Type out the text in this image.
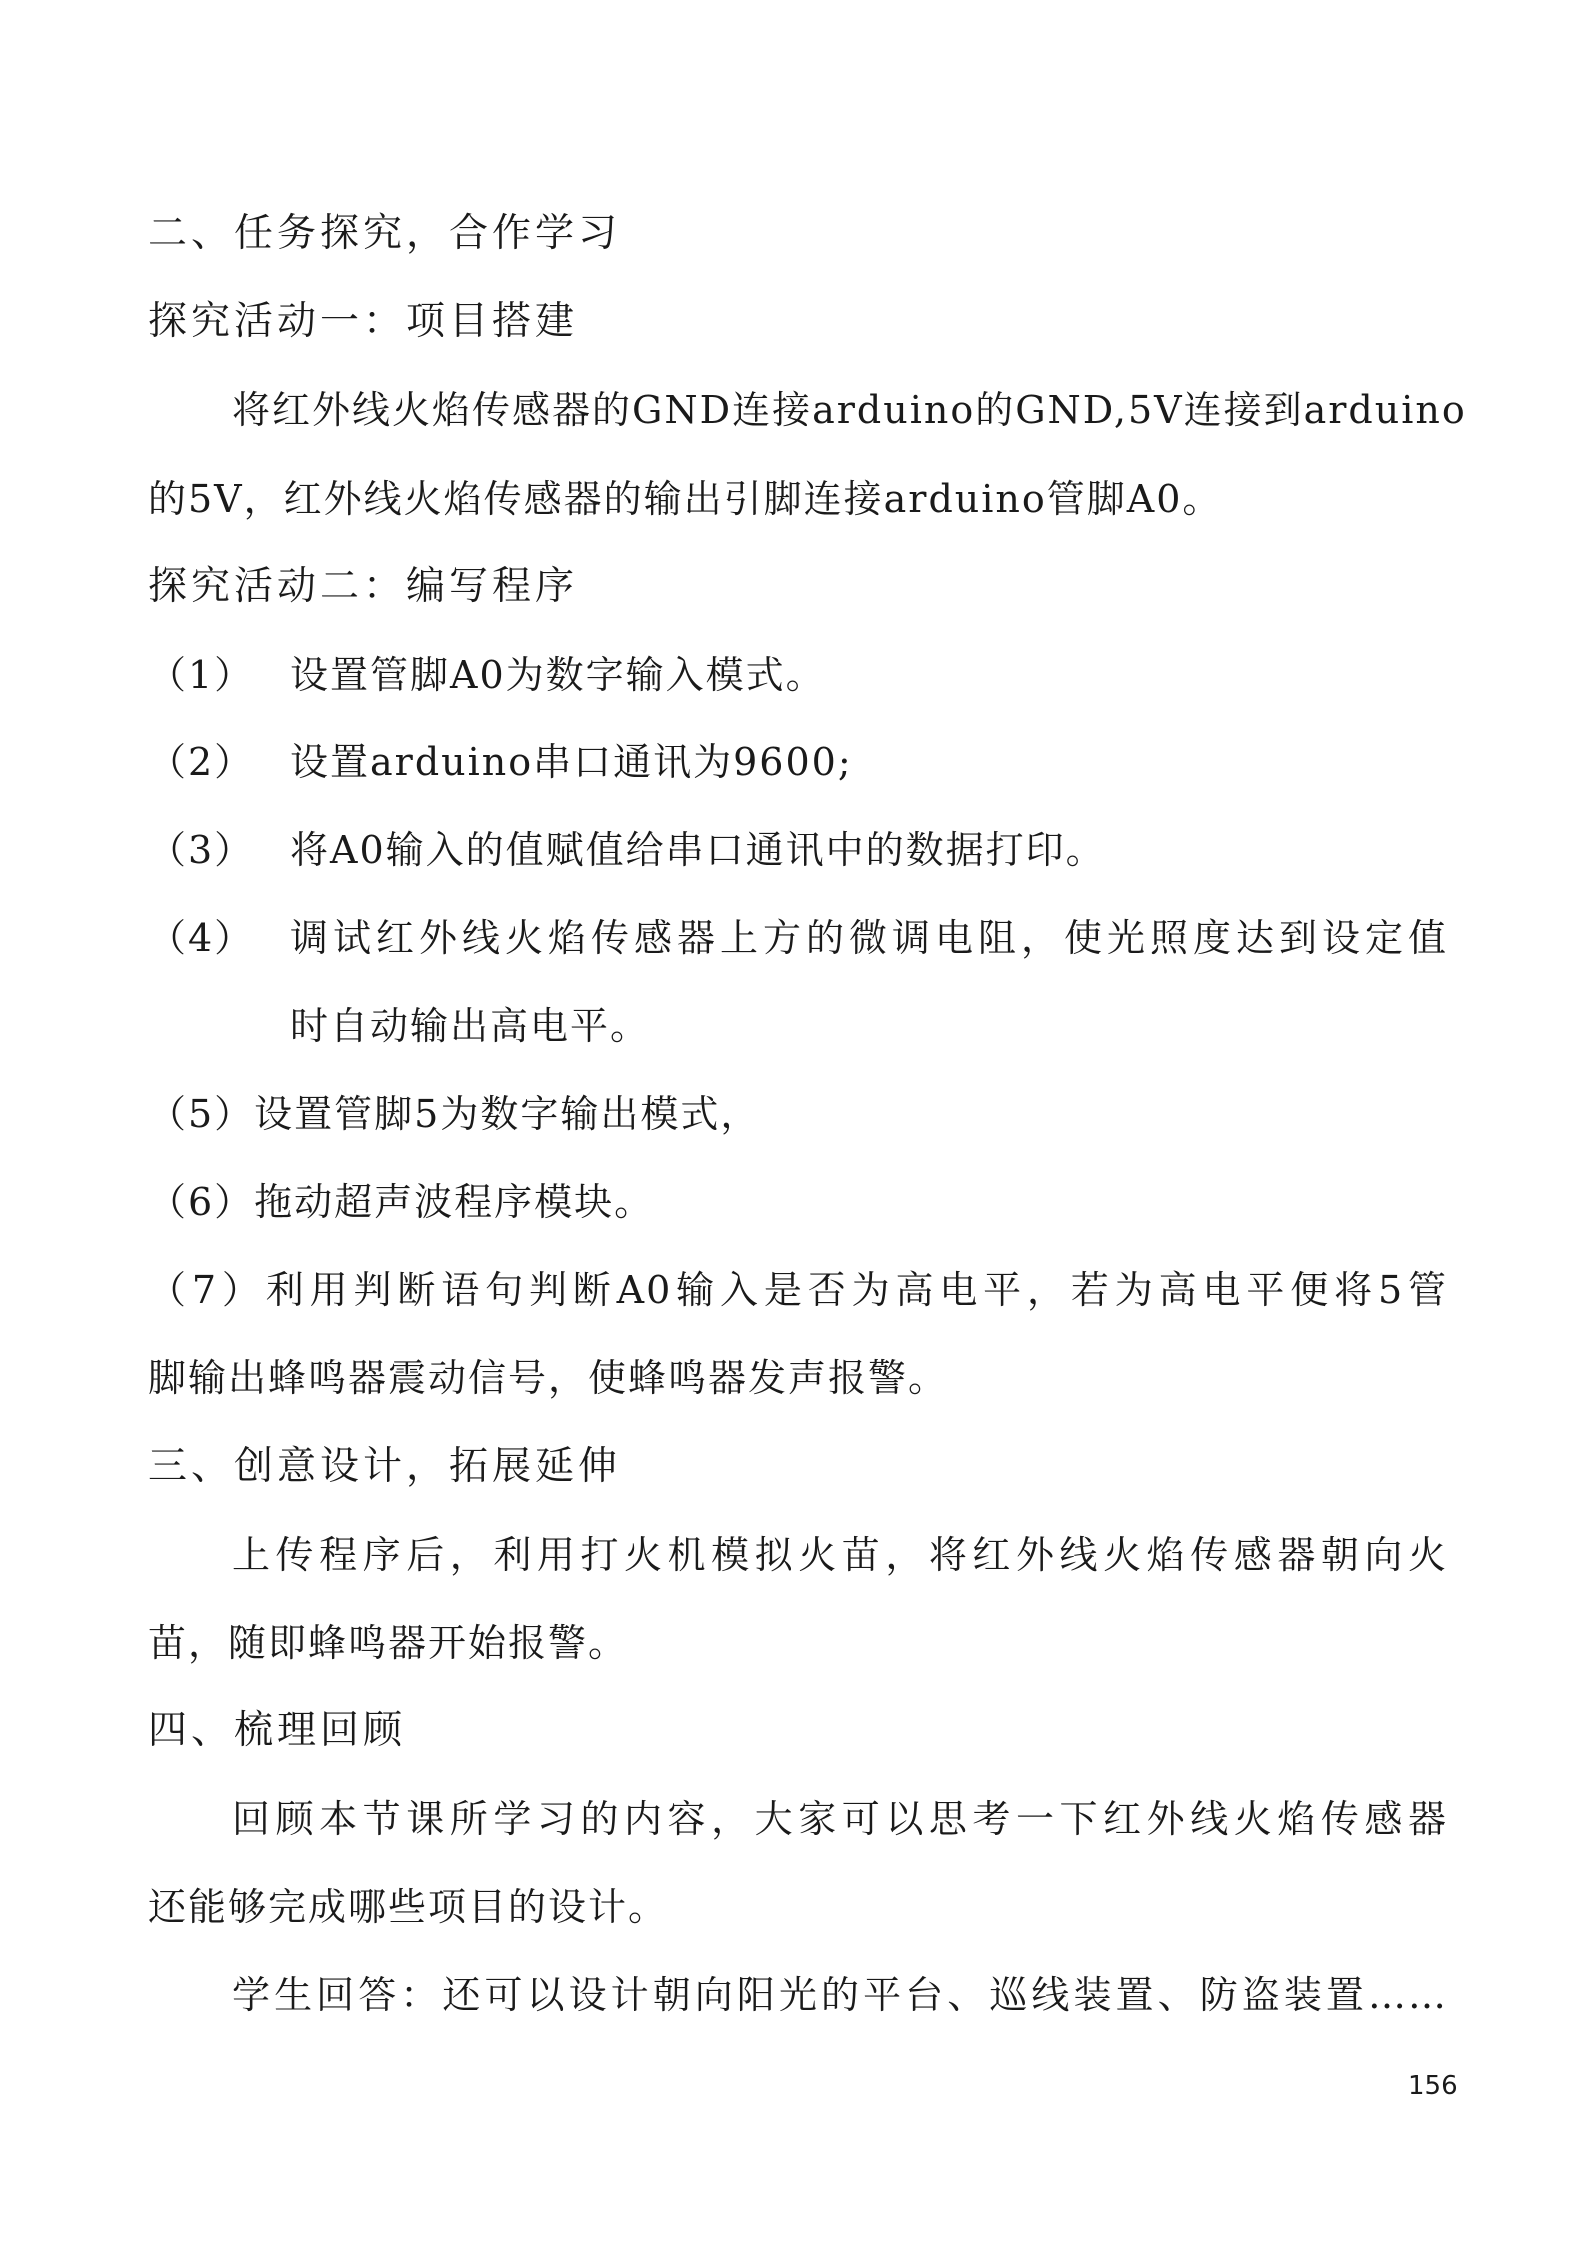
二、任务探究，合作学习
探究活动一：项目搭建
将红外线火焰传感器的GND连接arduino的GND,5V连接到arduino
的5V，红外线火焰传感器的输出引脚连接arduino管脚A0。
探究活动二：编写程序
（1） 设置管脚A0为数字输入模式。
（2） 设置arduino串口通讯为9600;
（3） 将A0输入的值赋值给串口通讯中的数据打印。
（4） 调试红外线火焰传感器上方的微调电阻，使光照度达到设定值
时自动输出高电平。
（5）设置管脚5为数字输出模式，
（6）拖动超声波程序模块。
（7）利用判断语句判断A0输入是否为高电平，若为高电平便将5管
脚输出蜂鸣器震动信号，使蜂鸣器发声报警。
三、创意设计，拓展延伸
上传程序后，利用打火机模拟火苗，将红外线火焰传感器朝向火
苗，随即蜂鸣器开始报警。
四、梳理回顾
回顾本节课所学习的内容，大家可以思考一下红外线火焰传感器
还能够完成哪些项目的设计。
学生回答：还可以设计朝向阳光的平台、巡线装置、防盗装置……
156
